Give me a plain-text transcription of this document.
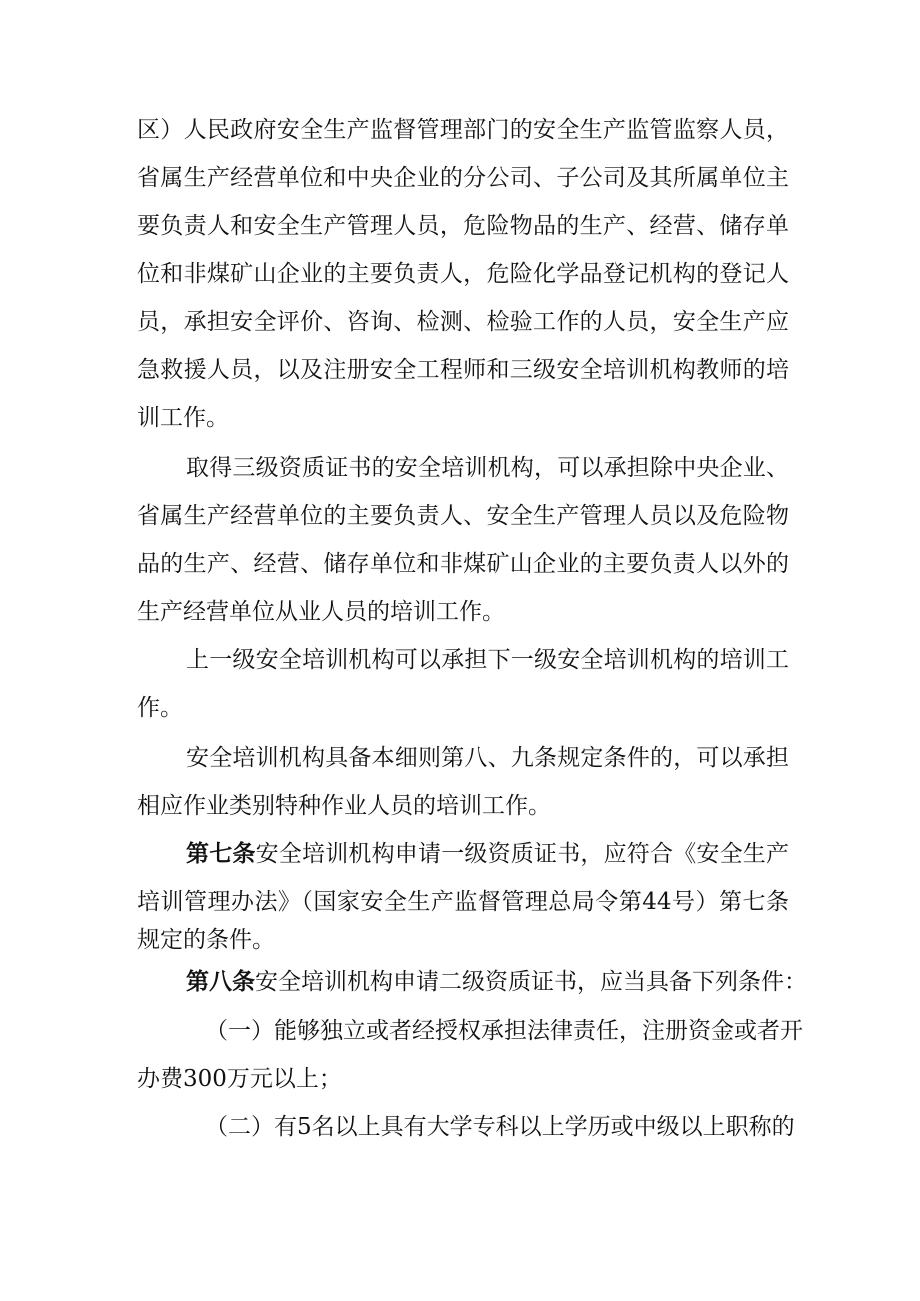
区）人民政府安全生产监督管理部门的安全生产监管监察人员，

省属生产经营单位和中央企业的分公司、子公司及其所属单位主

要负责人和安全生产管理人员，危险物品的生产、经营、储存单

位和非煤矿山企业的主要负责人，危险化学品登记机构的登记人

员，承担安全评价、咨询、检测、检验工作的人员，安全生产应

急救援人员，以及注册安全工程师和三级安全培训机构教师的培

训工作。

取得三级资质证书的安全培训机构，可以承担除中央企业、

省属生产经营单位的主要负责人、安全生产管理人员以及危险物

品的生产、经营、储存单位和非煤矿山企业的主要负责人以外的

生产经营单位从业人员的培训工作。

上一级安全培训机构可以承担下一级安全培训机构的培训工

作。

安全培训机构具备本细则第八、九条规定条件的，可以承担

相应作业类别特种作业人员的培训工作。

第七条安全培训机构申请一级资质证书，应符合《安全生产

培训管理办法》（国家安全生产监督管理总局令第44号）第七条

规定的条件。

第八条安全培训机构申请二级资质证书，应当具备下列条件：

（一）能够独立或者经授权承担法律责任，注册资金或者开

办费300万元以上；

（二）有5名以上具有大学专科以上学历或中级以上职称的
